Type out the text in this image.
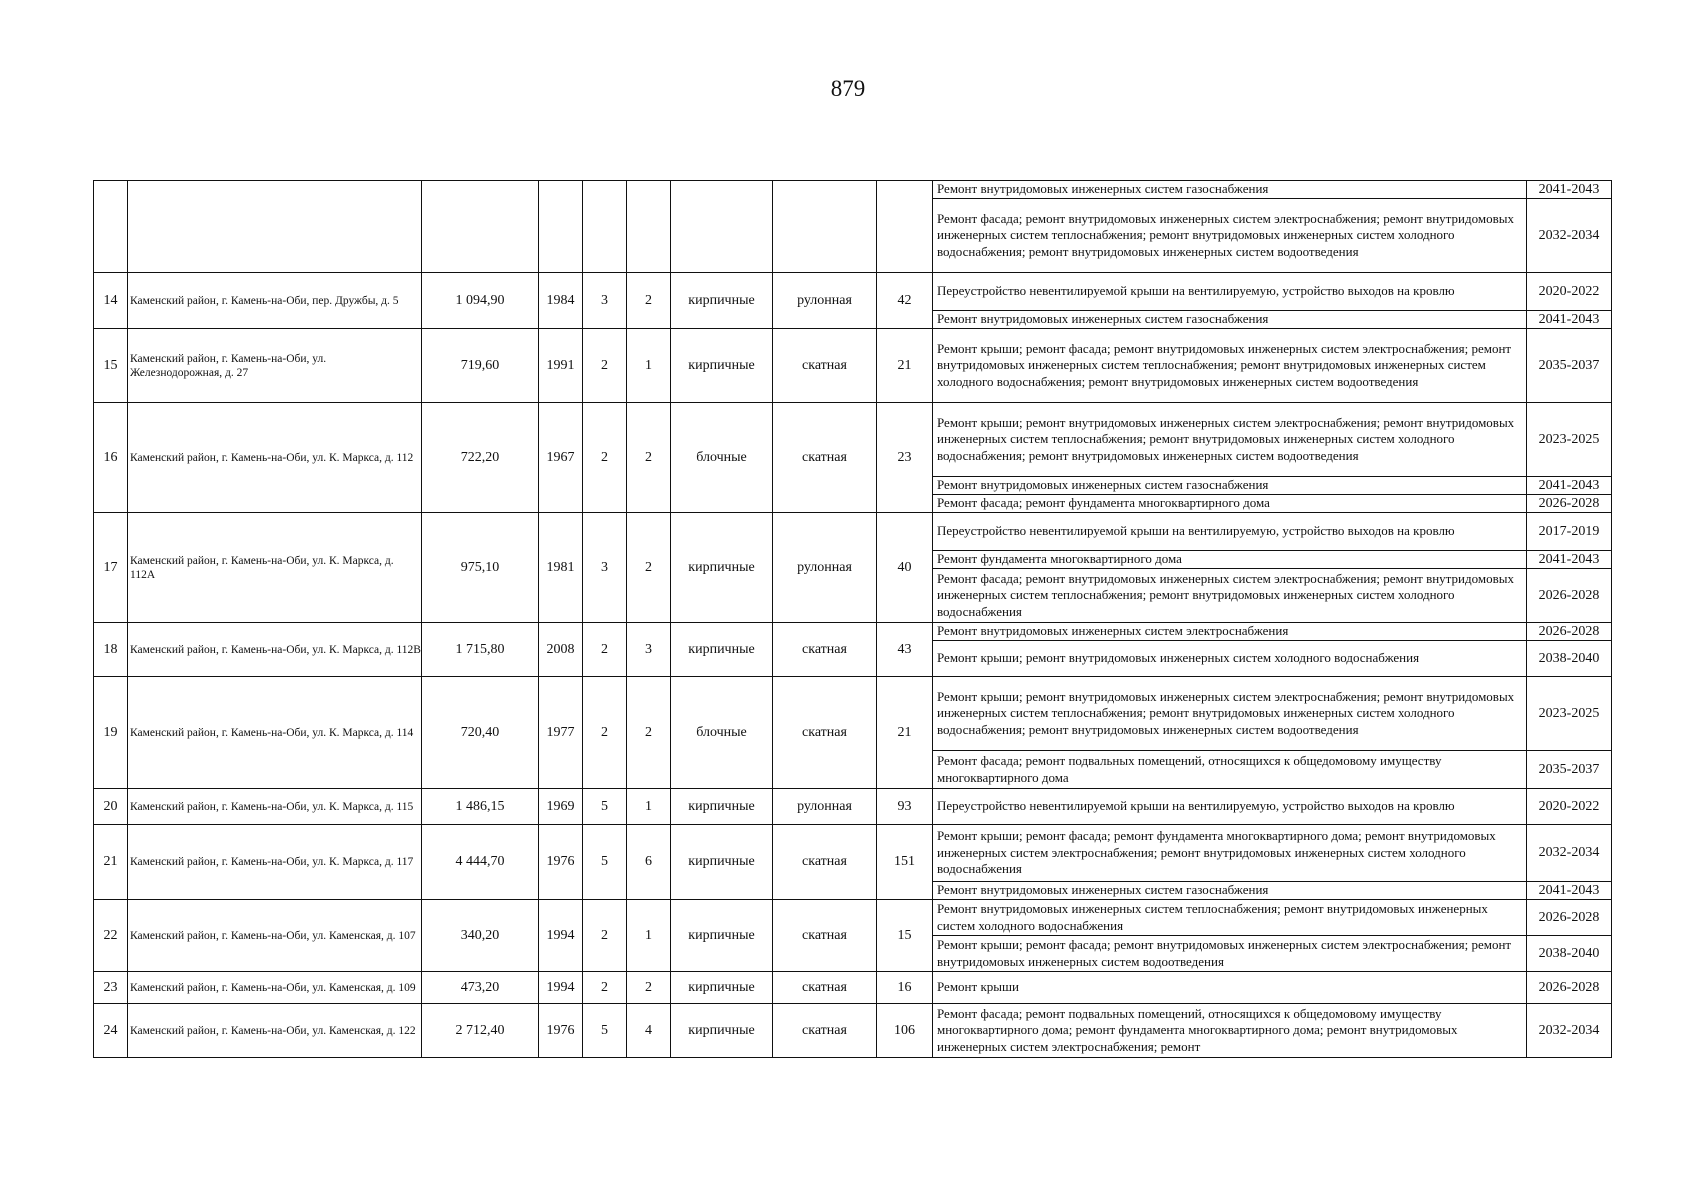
879
									Ремонт внутридомовых инженерных систем газоснабжения	2041-2043
									Ремонт фасада; ремонт внутридомовых инженерных систем электроснабжения; ремонт внутридомовых инженерных систем теплоснабжения; ремонт внутридомовых инженерных систем холодного водоснабжения; ремонт внутридомовых инженерных систем водоотведения	2032-2034
14	Каменский район, г. Камень-на-Оби, пер. Дружбы, д. 5	1 094,90	1984	3	2	кирпичные	рулонная	42	Переустройство невентилируемой крыши на вентилируемую, устройство выходов на кровлю	2020-2022
									Ремонт внутридомовых инженерных систем газоснабжения	2041-2043
15	Каменский район, г. Камень-на-Оби, ул. Железнодорожная, д. 27	719,60	1991	2	1	кирпичные	скатная	21	Ремонт крыши; ремонт фасада; ремонт внутридомовых инженерных систем электроснабжения; ремонт внутридомовых инженерных систем теплоснабжения; ремонт внутридомовых инженерных систем холодного водоснабжения; ремонт внутридомовых инженерных систем водоотведения	2035-2037
16	Каменский район, г. Камень-на-Оби, ул. К. Маркса, д. 112	722,20	1967	2	2	блочные	скатная	23	Ремонт крыши; ремонт внутридомовых инженерных систем электроснабжения; ремонт внутридомовых инженерных систем теплоснабжения; ремонт внутридомовых инженерных систем холодного водоснабжения; ремонт внутридомовых инженерных систем водоотведения	2023-2025
									Ремонт внутридомовых инженерных систем газоснабжения	2041-2043
									Ремонт фасада; ремонт фундамента многоквартирного дома	2026-2028
17	Каменский район, г. Камень-на-Оби, ул. К. Маркса, д. 112А	975,10	1981	3	2	кирпичные	рулонная	40	Переустройство невентилируемой крыши на вентилируемую, устройство выходов на кровлю	2017-2019
									Ремонт фундамента многоквартирного дома	2041-2043
									Ремонт фасада; ремонт внутридомовых инженерных систем электроснабжения; ремонт внутридомовых инженерных систем теплоснабжения; ремонт внутридомовых инженерных систем холодного водоснабжения	2026-2028
18	Каменский район, г. Камень-на-Оби, ул. К. Маркса, д. 112В	1 715,80	2008	2	3	кирпичные	скатная	43	Ремонт внутридомовых инженерных систем электроснабжения	2026-2028
									Ремонт крыши; ремонт внутридомовых инженерных систем холодного водоснабжения	2038-2040
19	Каменский район, г. Камень-на-Оби, ул. К. Маркса, д. 114	720,40	1977	2	2	блочные	скатная	21	Ремонт крыши; ремонт внутридомовых инженерных систем электроснабжения; ремонт внутридомовых инженерных систем теплоснабжения; ремонт внутридомовых инженерных систем холодного водоснабжения; ремонт внутридомовых инженерных систем водоотведения	2023-2025
									Ремонт фасада; ремонт подвальных помещений, относящихся к общедомовому имуществу многоквартирного дома	2035-2037
20	Каменский район, г. Камень-на-Оби, ул. К. Маркса, д. 115	1 486,15	1969	5	1	кирпичные	рулонная	93	Переустройство невентилируемой крыши на вентилируемую, устройство выходов на кровлю	2020-2022
21	Каменский район, г. Камень-на-Оби, ул. К. Маркса, д. 117	4 444,70	1976	5	6	кирпичные	скатная	151	Ремонт крыши; ремонт фасада; ремонт фундамента многоквартирного дома; ремонт внутридомовых инженерных систем электроснабжения; ремонт внутридомовых инженерных систем холодного водоснабжения	2032-2034
									Ремонт внутридомовых инженерных систем газоснабжения	2041-2043
22	Каменский район, г. Камень-на-Оби, ул. Каменская, д. 107	340,20	1994	2	1	кирпичные	скатная	15	Ремонт внутридомовых инженерных систем теплоснабжения; ремонт внутридомовых инженерных систем холодного водоснабжения	2026-2028
									Ремонт крыши; ремонт фасада; ремонт внутридомовых инженерных систем электроснабжения; ремонт внутридомовых инженерных систем водоотведения	2038-2040
23	Каменский район, г. Камень-на-Оби, ул. Каменская, д. 109	473,20	1994	2	2	кирпичные	скатная	16	Ремонт крыши	2026-2028
24	Каменский район, г. Камень-на-Оби, ул. Каменская, д. 122	2 712,40	1976	5	4	кирпичные	скатная	106	Ремонт фасада; ремонт подвальных помещений, относящихся к общедомовому имуществу многоквартирного дома; ремонт фундамента многоквартирного дома; ремонт внутридомовых инженерных систем электроснабжения; ремонт	2032-2034
